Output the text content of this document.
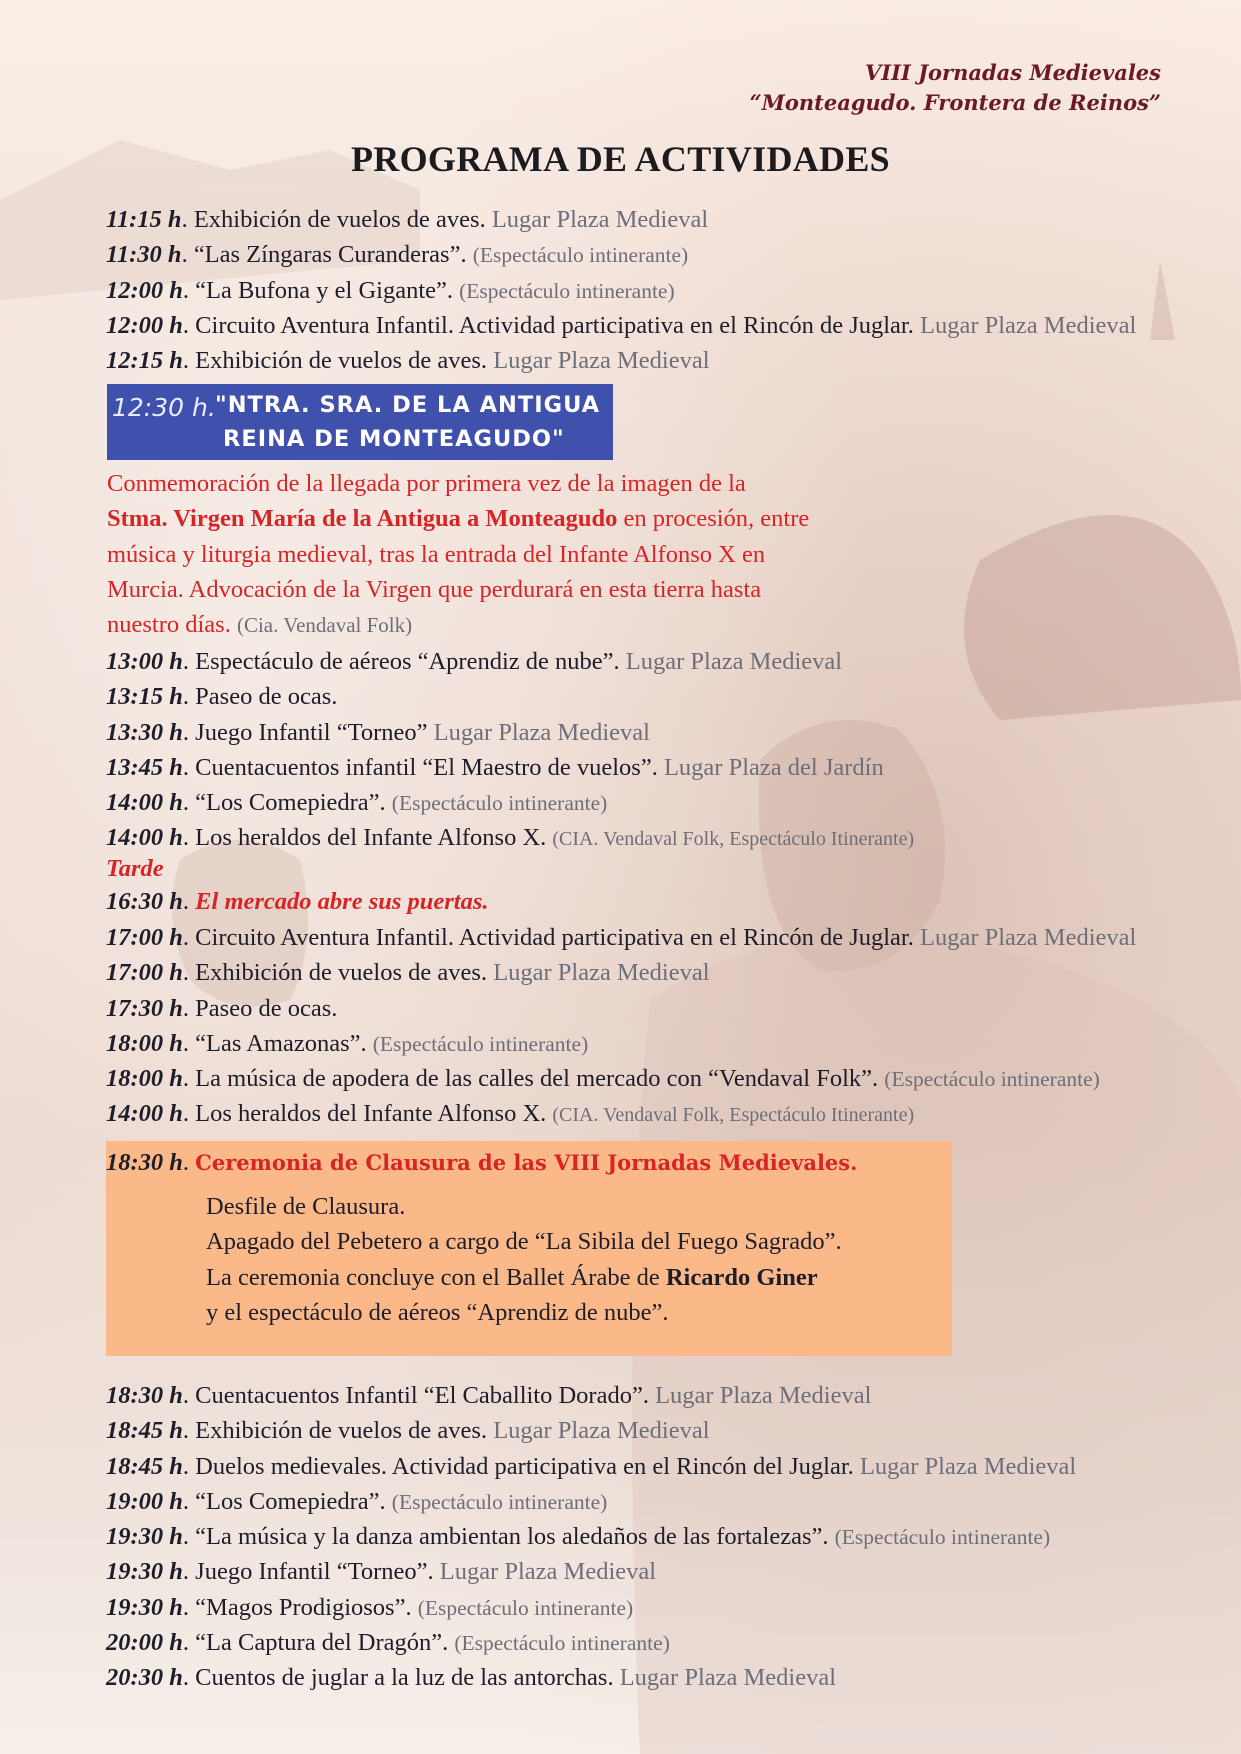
VIII Jornadas Medievales
“Monteagudo. Frontera de Reinos”
PROGRAMA DE ACTIVIDADES
11:15 h. Exhibición de vuelos de aves. Lugar Plaza Medieval
11:30 h. “Las Zíngaras Curanderas”. (Espectáculo intinerante)
12:00 h. “La Bufona y el Gigante”. (Espectáculo intinerante)
12:00 h. Circuito Aventura Infantil. Actividad participativa en el Rincón de Juglar. Lugar Plaza Medieval
12:15 h. Exhibición de vuelos de aves. Lugar Plaza Medieval
12:30 h. "NTRA. SRA. DE LA ANTIGUA
REINA DE MONTEAGUDO"
Conmemoración de la llegada por primera vez de la imagen de la
Stma. Virgen María de la Antigua a Monteagudo en procesión, entre
música y liturgia medieval, tras la entrada del Infante Alfonso X en
Murcia. Advocación de la Virgen que perdurará en esta tierra hasta
nuestro días. (Cia. Vendaval Folk)
13:00 h. Espectáculo de aéreos “Aprendiz de nube”. Lugar Plaza Medieval
13:15 h. Paseo de ocas.
13:30 h. Juego Infantil “Torneo” Lugar Plaza Medieval
13:45 h. Cuentacuentos infantil “El Maestro de vuelos”. Lugar Plaza del Jardín
14:00 h. “Los Comepiedra”. (Espectáculo intinerante)
14:00 h. Los heraldos del Infante Alfonso X. (CIA. Vendaval Folk, Espectáculo Itinerante)
Tarde
16:30 h. El mercado abre sus puertas.
17:00 h. Circuito Aventura Infantil. Actividad participativa en el Rincón de Juglar. Lugar Plaza Medieval
17:00 h. Exhibición de vuelos de aves. Lugar Plaza Medieval
17:30 h. Paseo de ocas.
18:00 h. “Las Amazonas”. (Espectáculo intinerante)
18:00 h. La música de apodera de las calles del mercado con “Vendaval Folk”. (Espectáculo intinerante)
14:00 h. Los heraldos del Infante Alfonso X. (CIA. Vendaval Folk, Espectáculo Itinerante)
18:30 h. Ceremonia de Clausura de las VIII Jornadas Medievales.
Desfile de Clausura.
Apagado del Pebetero a cargo de “La Sibila del Fuego Sagrado”.
La ceremonia concluye con el Ballet Árabe de Ricardo Giner
y el espectáculo de aéreos “Aprendiz de nube”.
18:30 h. Cuentacuentos Infantil “El Caballito Dorado”. Lugar Plaza Medieval
18:45 h. Exhibición de vuelos de aves. Lugar Plaza Medieval
18:45 h. Duelos medievales. Actividad participativa en el Rincón del Juglar. Lugar Plaza Medieval
19:00 h. “Los Comepiedra”. (Espectáculo intinerante)
19:30 h. “La música y la danza ambientan los aledaños de las fortalezas”. (Espectáculo intinerante)
19:30 h. Juego Infantil “Torneo”. Lugar Plaza Medieval
19:30 h. “Magos Prodigiosos”. (Espectáculo intinerante)
20:00 h. “La Captura del Dragón”. (Espectáculo intinerante)
20:30 h. Cuentos de juglar a la luz de las antorchas. Lugar Plaza Medieval
